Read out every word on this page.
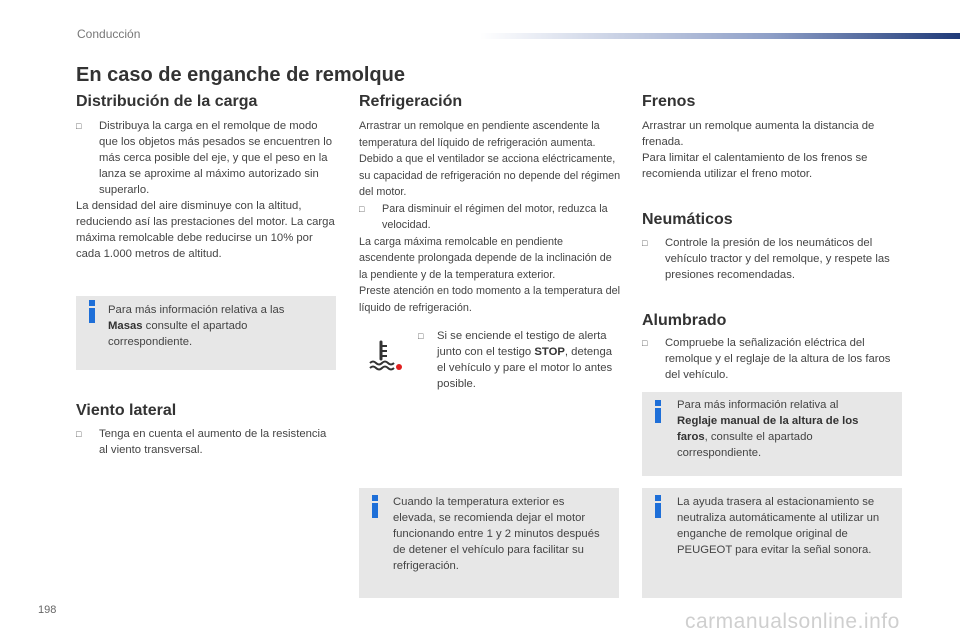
Conducción
En caso de enganche de remolque
Distribución de la carga
□ Distribuya la carga en el remolque de modo que los objetos más pesados se encuentren lo más cerca posible del eje, y que el peso en la lanza se aproxime al máximo autorizado sin superarlo.
La densidad del aire disminuye con la altitud, reduciendo así las prestaciones del motor. La carga máxima remolcable debe reducirse un 10% por cada 1.000 metros de altitud.
Para más información relativa a las Masas consulte el apartado correspondiente.
Viento lateral
□ Tenga en cuenta el aumento de la resistencia al viento transversal.
Refrigeración
Arrastrar un remolque en pendiente ascendente la temperatura del líquido de refrigeración aumenta. Debido a que el ventilador se acciona eléctricamente, su capacidad de refrigeración no depende del régimen del motor.
□ Para disminuir el régimen del motor, reduzca la velocidad.
La carga máxima remolcable en pendiente ascendente prolongada depende de la inclinación de la pendiente y de la temperatura exterior.
Preste atención en todo momento a la temperatura del líquido de refrigeración.
□ Si se enciende el testigo de alerta junto con el testigo STOP, detenga el vehículo y pare el motor lo antes posible.
Cuando la temperatura exterior es elevada, se recomienda dejar el motor funcionando entre 1 y 2 minutos después de detener el vehículo para facilitar su refrigeración.
Frenos
Arrastrar un remolque aumenta la distancia de frenada.
Para limitar el calentamiento de los frenos se recomienda utilizar el freno motor.
Neumáticos
□ Controle la presión de los neumáticos del vehículo tractor y del remolque, y respete las presiones recomendadas.
Alumbrado
□ Compruebe la señalización eléctrica del remolque y el reglaje de la altura de los faros del vehículo.
Para más información relativa al Reglaje manual de la altura de los faros, consulte el apartado correspondiente.
La ayuda trasera al estacionamiento se neutraliza automáticamente al utilizar un enganche de remolque original de PEUGEOT para evitar la señal sonora.
198	carmanualsonline.info
